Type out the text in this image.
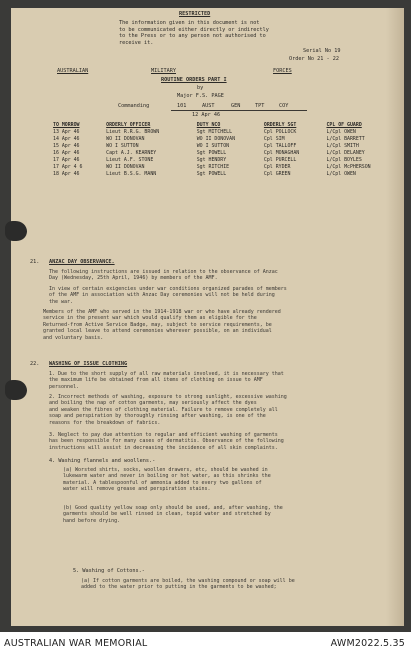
RESTRICTED
The information given in this document is not
to be communicated either directly or indirectly
to the Press or to any person not authorised to
receive it.
Serial No 19
Order No 21 - 22
AUSTRALIAN	MILITARY	FORCES
ROUTINE ORDERS PART I
by
Major F.S. PAGE
Commanding	101	AUST	GEN	TPT	COY
12 Apr 46
TO MORROW	ORDERLY OFFICER	DUTY NCO	ORDERLY SGT	CPL OF GUARD
13 Apr 46	Lieut R.R.G. BROWN	Sgt MITCHELL	Cpl POLLOCK	L/Cpl OWEN
14 Apr 46	WO II DONOVAN	WO II DONOVAN	Cpl SIM	L/Cpl BARRETT
15 Apr 46	WO I SUTTON	WO I SUTTON	Cpl TALLOFF	L/Cpl SMITH
16 Apr 46	Capt A.J. KEARNEY	Sgt POWELL	Cpl MONAGHAN	L/Cpl DELANEY
17 Apr 46	Lieut A.F. STONE	Sgt HENDRY	Cpl PURCELL	L/Cpl BOYLES
17 Apr 4 6	WO II DONOVAN	Sgt RITCHIE	Cpl RYDER	L/Cpl McPHERSON
18 Apr 46	Lieut B.S.G. MANN	Sgt POWELL	Cpl GREEN	L/Cpl OWEN
21. ANZAC DAY OBSERVANCE.
The following instructions are issued in relation to the observance of Anzac
Day (Wednesday, 25th April, 1946) by members of the AMF.
In view of certain exigencies under war conditions organized parades of members
of the AMF in association with Anzac Day ceremonies will not be held during
the war.
Members of the AMF who served in the 1914-1918 war or who have already rendered
service in the present war which would qualify them as eligible for the
Returned-from Active Service Badge, may, subject to service requirements, be
granted local leave to attend ceremonies wherever possible, on an individual
and voluntary basis.
22. WASHING OF ISSUE CLOTHING
1. Due to the short supply of all raw materials involved, it is necessary that
the maximum life be obtained from all items of clothing on issue to AMF
personnel.
2. Incorrect methods of washing, exposure to strong sunlight, excessive washing
and boiling the nap of cotton garments, may seriously affect the dyes
and weaken the fibres of clothing material. Failure to remove completely all
soap and perspiration by thoroughly rinsing after washing, is one of the
reasons for the breakdown of fabrics.
3. Neglect to pay due attention to regular and efficient washing of garments
has been responsible for many cases of dermatitis. Observance of the following
instructions will assist in decreasing the incidence of all skin complaints.
4. Washing flannels and woollens.-
(a) Worsted shirts, socks, woollen drawers, etc, should be washed in
lukewarm water and never in boiling or hot water, as this shrinks the
material. A tablespoonful of ammonia added to every two gallons of
water will remove grease and perspiration stains.
(b) Good quality yellow soap only should be used, and, after washing, the
garments should be well rinsed in clean, tepid water and stretched by
hand before drying.
5. Washing of Cottons.-
(a) If cotton garments are boiled, the washing compound or soap will be
added to the water prior to putting in the garments to be washed;
AUSTRALIAN WAR MEMORIAL	AWM2022.5.35
